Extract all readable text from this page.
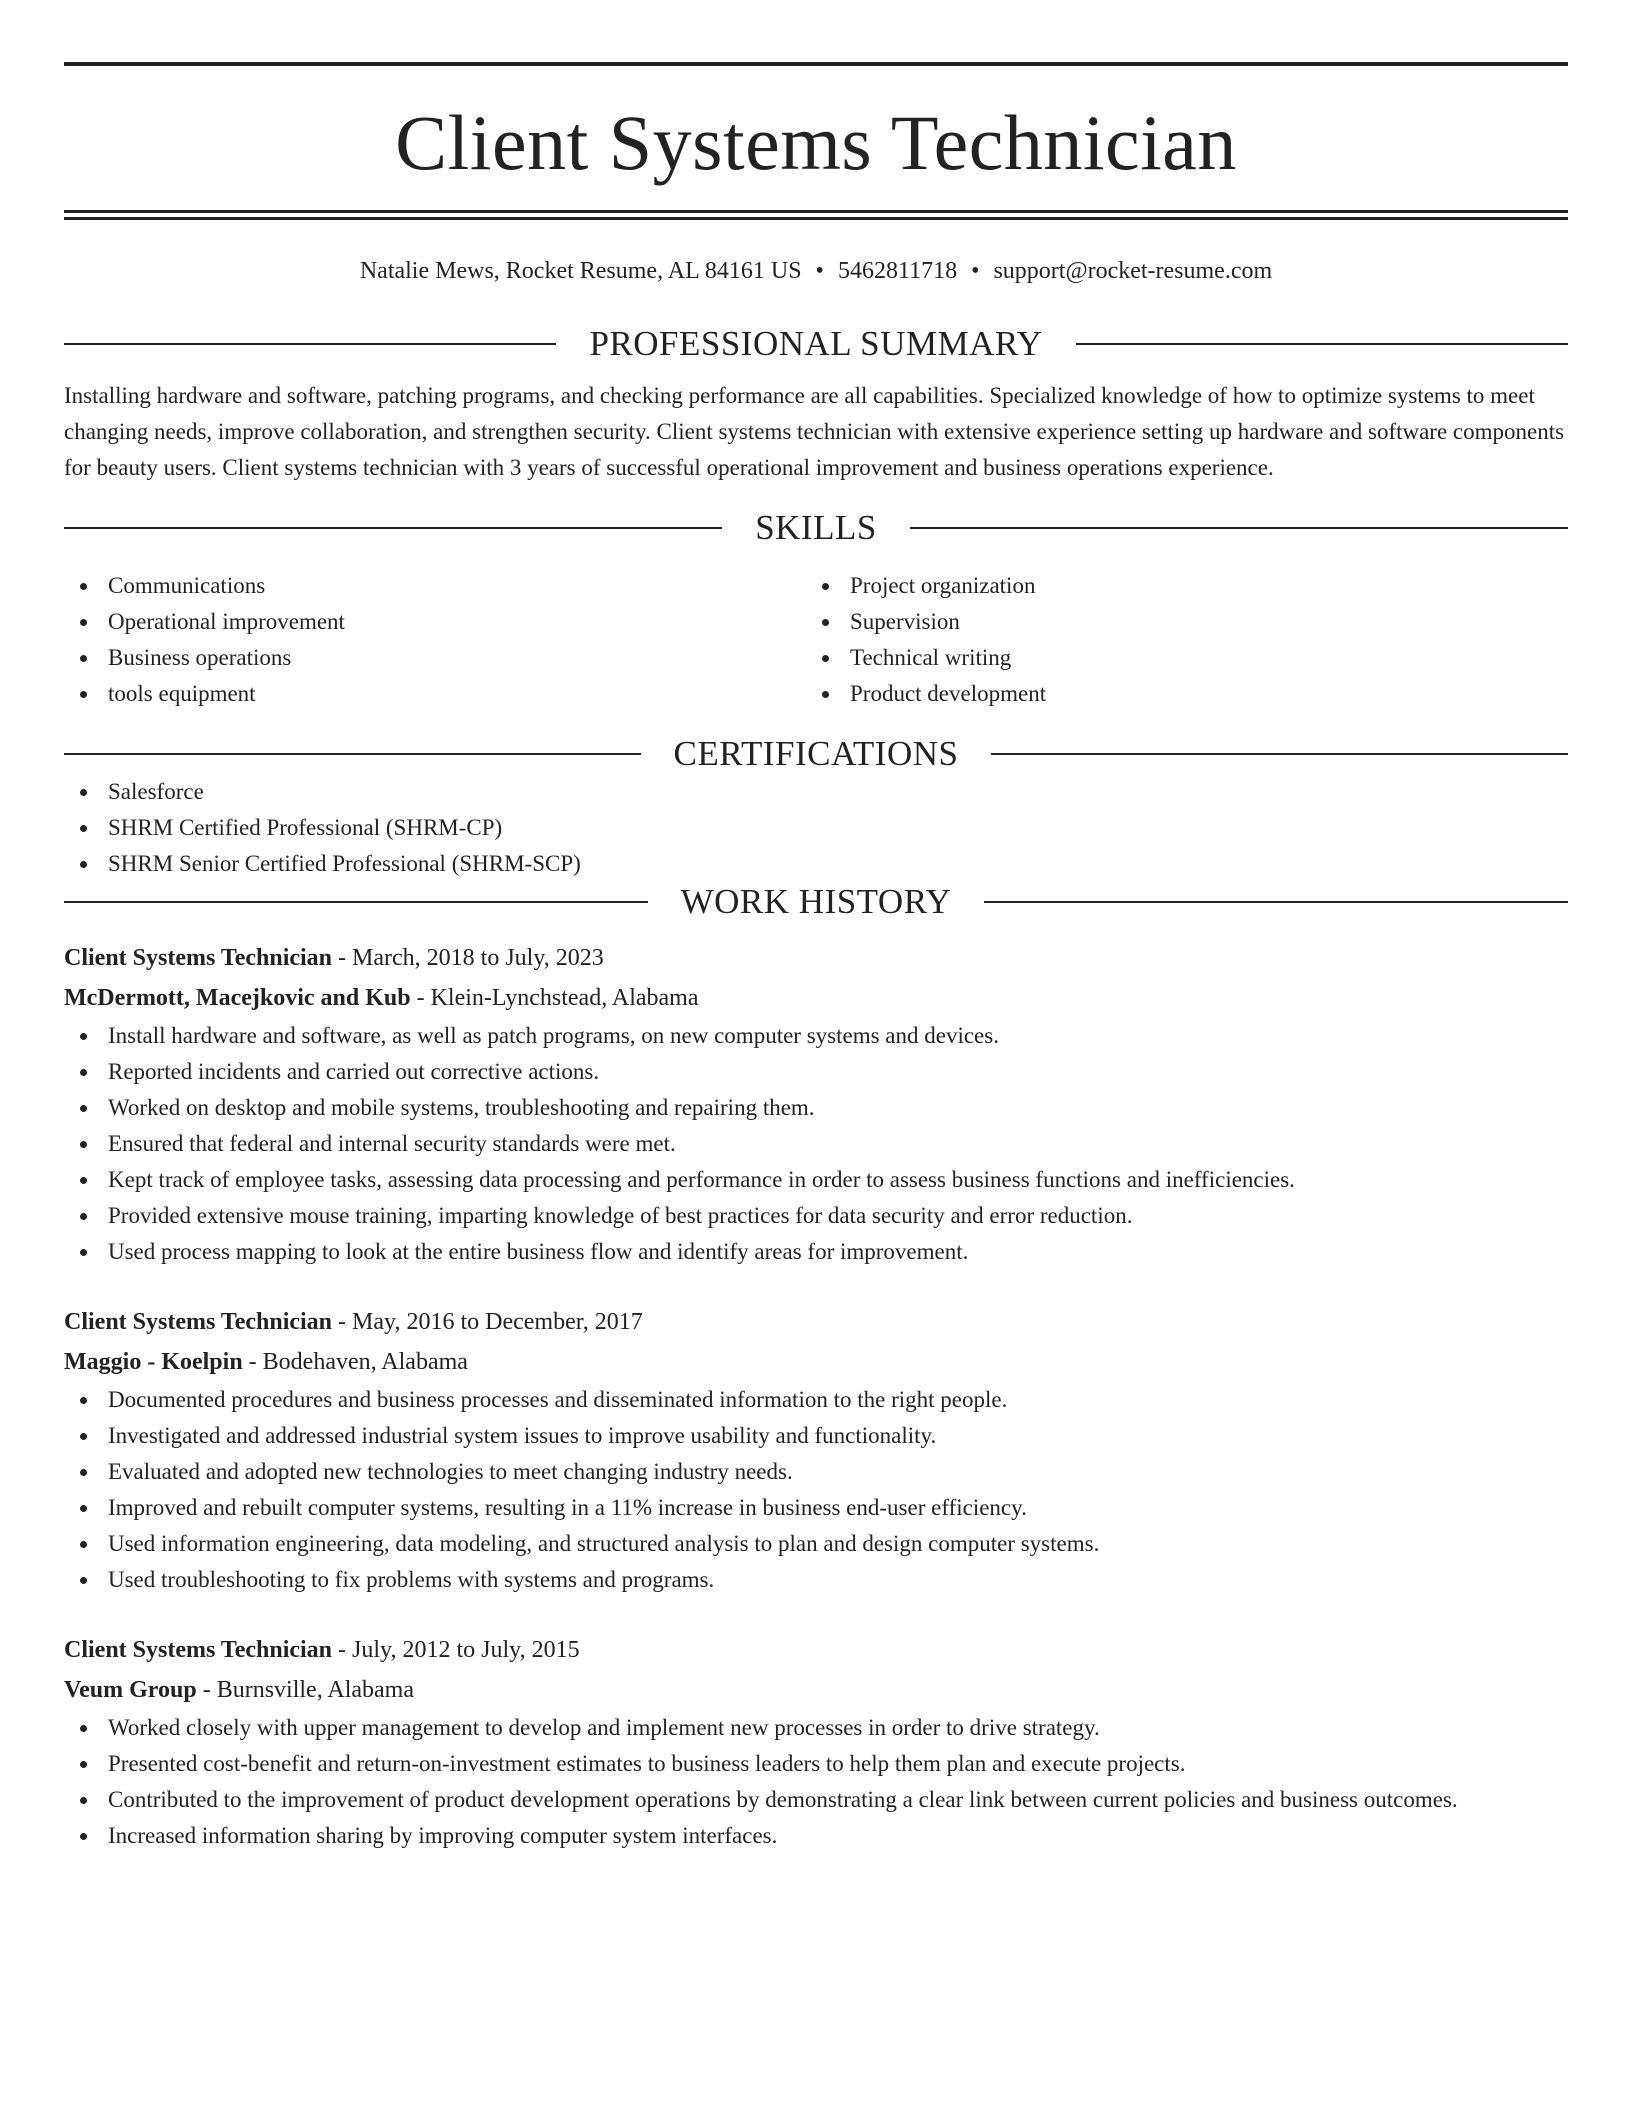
Client Systems Technician
Natalie Mews, Rocket Resume, AL 84161 US • 5462811718 • support@rocket-resume.com
PROFESSIONAL SUMMARY

Installing hardware and software, patching programs, and checking performance are all capabilities. Specialized knowledge of how to optimize systems to meet changing needs, improve collaboration, and strengthen security. Client systems technician with extensive experience setting up hardware and software components for beauty users. Client systems technician with 3 years of successful operational improvement and business operations experience.

SKILLS
Communications
Operational improvement
Business operations
tools equipment
Project organization
Supervision
Technical writing
Product development
CERTIFICATIONS
Salesforce
SHRM Certified Professional (SHRM-CP)
SHRM Senior Certified Professional (SHRM-SCP)
WORK HISTORY
Client Systems Technician - March, 2018 to July, 2023
McDermott, Macejkovic and Kub - Klein-Lynchstead, Alabama
Install hardware and software, as well as patch programs, on new computer systems and devices.
Reported incidents and carried out corrective actions.
Worked on desktop and mobile systems, troubleshooting and repairing them.
Ensured that federal and internal security standards were met.
Kept track of employee tasks, assessing data processing and performance in order to assess business functions and inefficiencies.
Provided extensive mouse training, imparting knowledge of best practices for data security and error reduction.
Used process mapping to look at the entire business flow and identify areas for improvement.
Client Systems Technician - May, 2016 to December, 2017
Maggio - Koelpin - Bodehaven, Alabama
Documented procedures and business processes and disseminated information to the right people.
Investigated and addressed industrial system issues to improve usability and functionality.
Evaluated and adopted new technologies to meet changing industry needs.
Improved and rebuilt computer systems, resulting in a 11% increase in business end-user efficiency.
Used information engineering, data modeling, and structured analysis to plan and design computer systems.
Used troubleshooting to fix problems with systems and programs.
Client Systems Technician - July, 2012 to July, 2015
Veum Group - Burnsville, Alabama
Worked closely with upper management to develop and implement new processes in order to drive strategy.
Presented cost-benefit and return-on-investment estimates to business leaders to help them plan and execute projects.
Contributed to the improvement of product development operations by demonstrating a clear link between current policies and business outcomes.
Increased information sharing by improving computer system interfaces.
